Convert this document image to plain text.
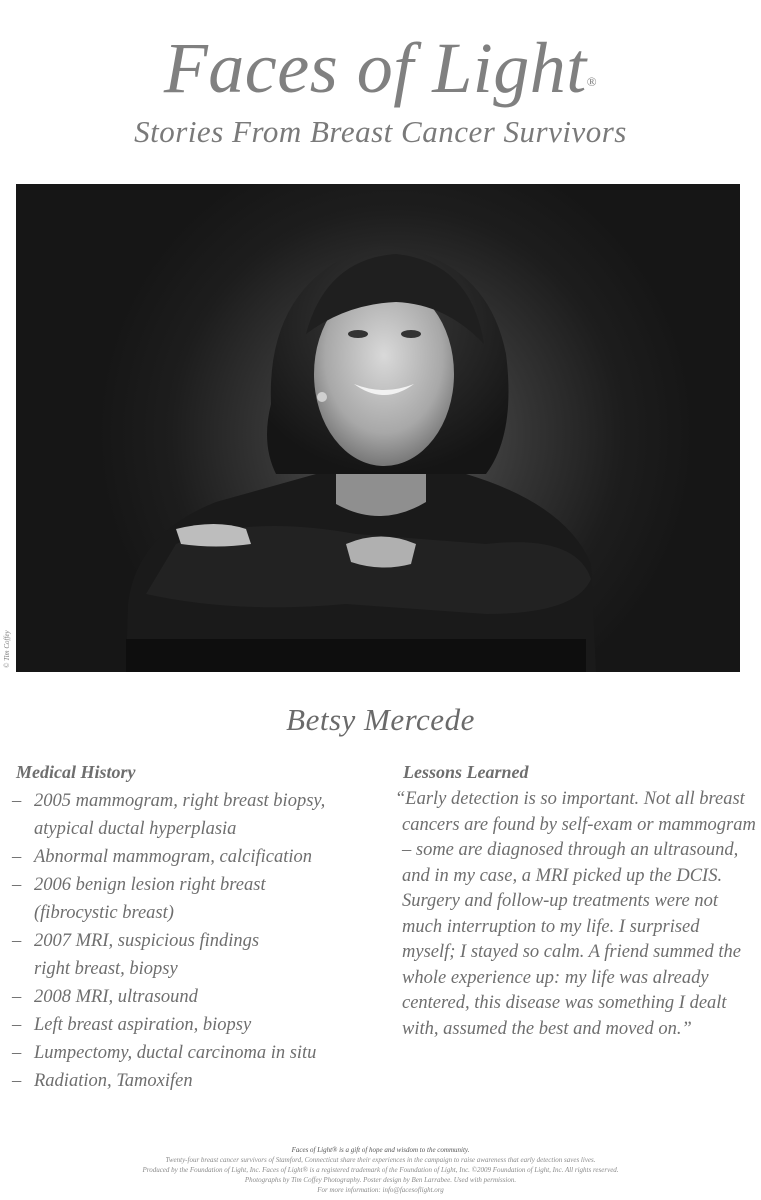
Faces of Light®
Stories From Breast Cancer Survivors
© Tim Coffey
Betsy Mercede
Medical History
– 2005 mammogram, right breast biopsy,
atypical ductal hyperplasia
– Abnormal mammogram, calcification
– 2006 benign lesion right breast
(fibrocystic breast)
– 2007 MRI, suspicious findings
right breast, biopsy
– 2008 MRI, ultrasound
– Left breast aspiration, biopsy
– Lumpectomy, ductal carcinoma in situ
– Radiation, Tamoxifen
Lessons Learned

“Early detection is so important. Not all breast cancers are found by self-exam or mammogram – some are diagnosed through an ultrasound, and in my case, a MRI picked up the DCIS. Surgery and follow-up treatments were not much interruption to my life. I surprised myself; I stayed so calm. A friend summed the whole experience up: my life was already centered, this disease was something I dealt with, assumed the best and moved on.”

Faces of Light® is a gift of hope and wisdom to the community.
Twenty-four breast cancer survivors of Stamford, Connecticut share their experiences in the campaign to raise awareness that early detection saves lives.
Produced by the Foundation of Light, Inc. Faces of Light® is a registered trademark of the Foundation of Light, Inc. ©2009 Foundation of Light, Inc. All rights reserved.
Photographs by Tim Coffey Photography. Poster design by Ben Larrabee. Used with permission.
For more information: info@facesoflight.org
